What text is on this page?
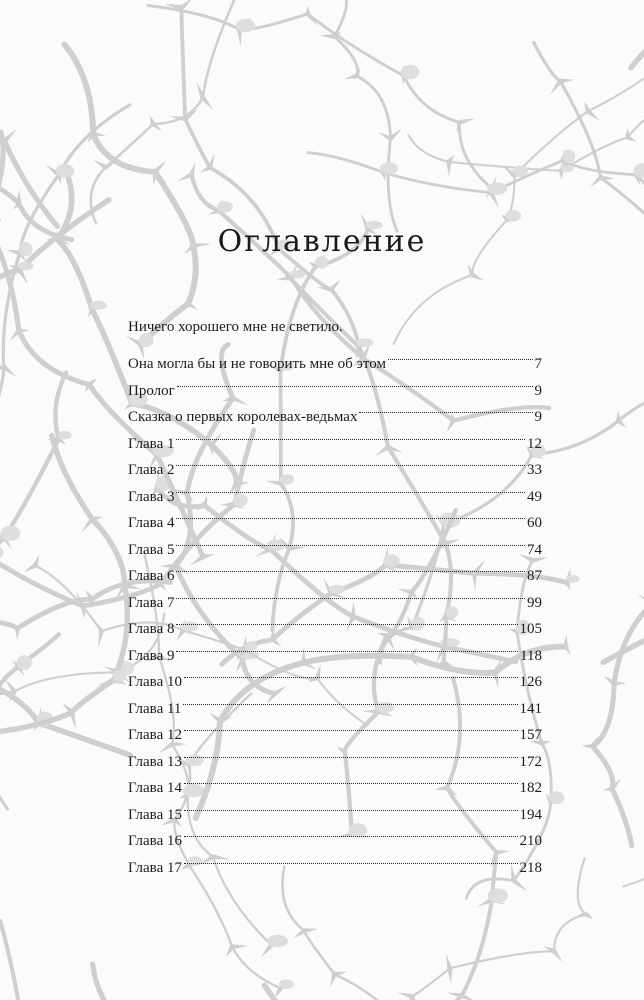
Оглавление
Ничего хорошего мне не светило.
Она могла бы и не говорить мне об этом	7
Пролог	9
Сказка о первых королевах-ведьмах	9
Глава 1	12
Глава 2	33
Глава 3	49
Глава 4	60
Глава 5	74
Глава 6	87
Глава 7	99
Глава 8	105
Глава 9	118
Глава 10	126
Глава 11	141
Глава 12	157
Глава 13	172
Глава 14	182
Глава 15	194
Глава 16	210
Глава 17	218
